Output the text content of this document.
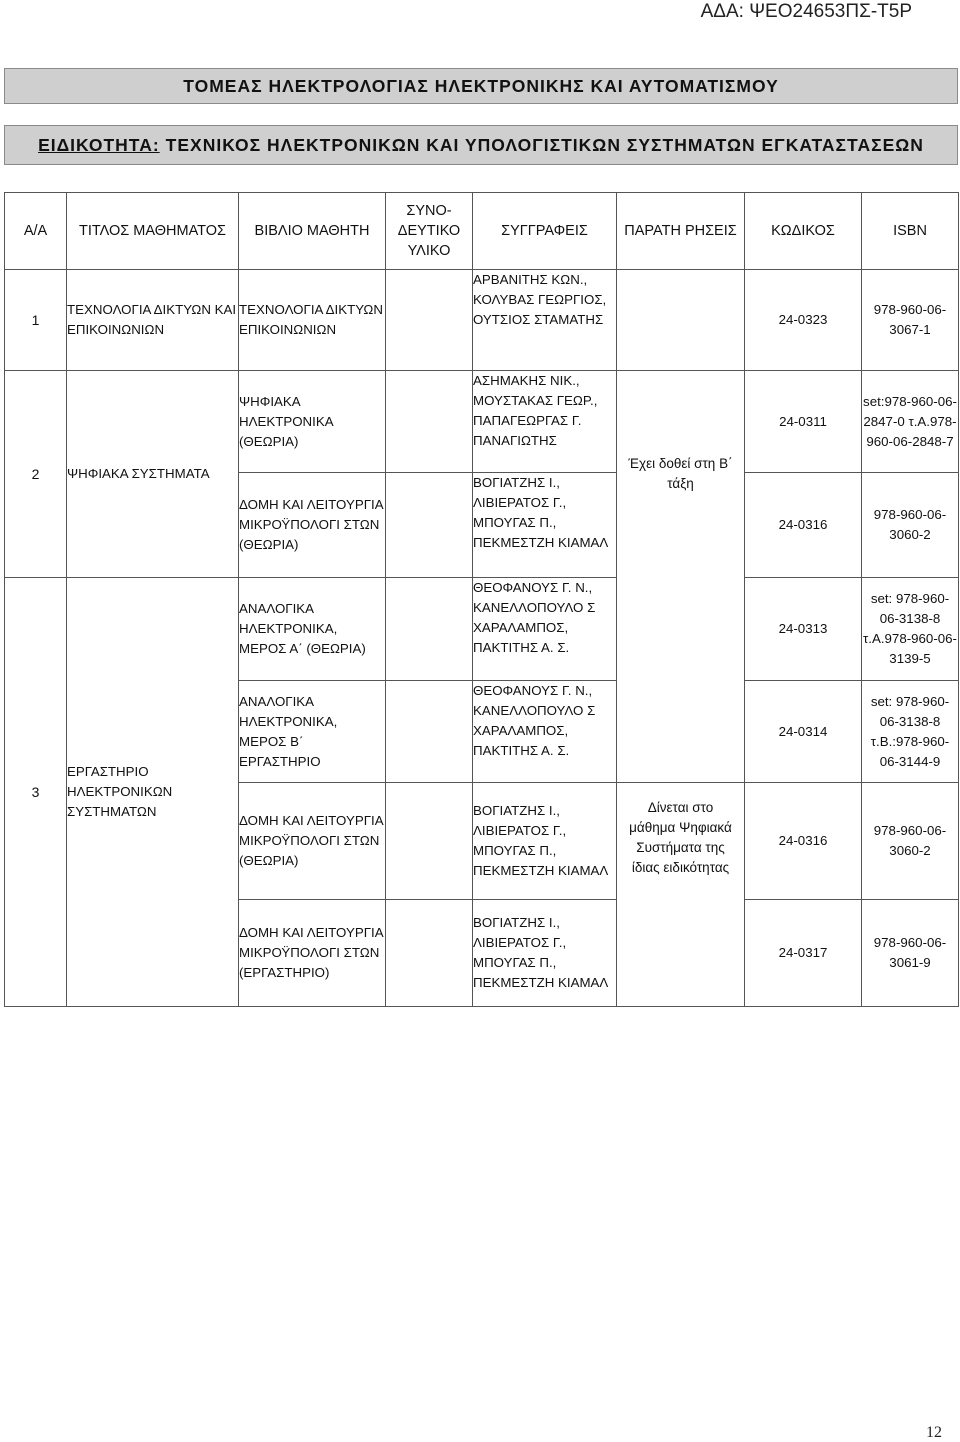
ΑΔΑ: ΨΕΟ24653ΠΣ-Τ5Ρ
ΤΟΜΕΑΣ ΗΛΕΚΤΡΟΛΟΓΙΑΣ ΗΛΕΚΤΡΟΝΙΚΗΣ ΚΑΙ ΑΥΤΟΜΑΤΙΣΜΟΥ
ΕΙΔΙΚΟΤΗΤΑ: ΤΕΧΝΙΚΟΣ ΗΛΕΚΤΡΟΝΙΚΩΝ ΚΑΙ ΥΠΟΛΟΓΙΣΤΙΚΩΝ ΣΥΣΤΗΜΑΤΩΝ ΕΓΚΑΤΑΣΤΑΣΕΩΝ
Α/Α	ΤΙΤΛΟΣ ΜΑΘΗΜΑΤΟΣ	ΒΙΒΛΙΟ ΜΑΘΗΤΗ	ΣΥΝΟ-ΔΕΥΤΙΚΟ ΥΛΙΚΟ	ΣΥΓΓΡΑΦΕΙΣ	ΠΑΡΑΤΗ ΡΗΣΕΙΣ	ΚΩΔΙΚΟΣ	ISBN
1	ΤΕΧΝΟΛΟΓΙΑ ΔΙΚΤΥΩΝ ΚΑΙ ΕΠΙΚΟΙΝΩΝΙΩΝ	ΤΕΧΝΟΛΟΓΙΑ ΔΙΚΤΥΩΝ ΕΠΙΚΟΙΝΩΝΙΩΝ		ΑΡΒΑΝΙΤΗΣ ΚΩΝ., ΚΟΛΥΒΑΣ ΓΕΩΡΓΙΟΣ, ΟΥΤΣΙΟΣ ΣΤΑΜΑΤΗΣ		24-0323	978-960-06-3067-1
2	ΨΗΦΙΑΚΑ ΣΥΣΤΗΜΑΤΑ	ΨΗΦΙΑΚΑ ΗΛΕΚΤΡΟΝΙΚΑ (ΘΕΩΡΙΑ)		ΑΣΗΜΑΚΗΣ ΝΙΚ., ΜΟΥΣΤΑΚΑΣ ΓΕΩΡ., ΠΑΠΑΓΕΩΡΓΑΣ Γ. ΠΑΝΑΓΙΩΤΗΣ	Έχει δοθεί στη Β΄ τάξη	24-0311	set:978-960-06-2847-0 τ.Α.978-960-06-2848-7
		ΔΟΜΗ ΚΑΙ ΛΕΙΤΟΥΡΓΙΑ ΜΙΚΡΟΫΠΟΛΟΓΙ ΣΤΩΝ (ΘΕΩΡΙΑ)		ΒΟΓΙΑΤΖΗΣ Ι., ΛΙΒΙΕΡΑΤΟΣ Γ., ΜΠΟΥΓΑΣ Π., ΠΕΚΜΕΣΤΖΗ ΚΙΑΜΑΛ		24-0316	978-960-06-3060-2
3	ΕΡΓΑΣΤΗΡΙΟ ΗΛΕΚΤΡΟΝΙΚΩΝ ΣΥΣΤΗΜΑΤΩΝ	ΑΝΑΛΟΓΙΚΑ ΗΛΕΚΤΡΟΝΙΚΑ, ΜΕΡΟΣ Α΄ (ΘΕΩΡΙΑ)		ΘΕΟΦΑΝΟΥΣ Γ. Ν., ΚΑΝΕΛΛΟΠΟΥΛΟ Σ ΧΑΡΑΛΑΜΠΟΣ, ΠΑΚΤΙΤΗΣ Α. Σ.		24-0313	set: 978-960-06-3138-8 τ.Α.978-960-06-3139-5
		ΑΝΑΛΟΓΙΚΑ ΗΛΕΚΤΡΟΝΙΚΑ, ΜΕΡΟΣ Β΄ ΕΡΓΑΣΤΗΡΙΟ		ΘΕΟΦΑΝΟΥΣ Γ. Ν., ΚΑΝΕΛΛΟΠΟΥΛΟ Σ ΧΑΡΑΛΑΜΠΟΣ, ΠΑΚΤΙΤΗΣ Α. Σ.		24-0314	set: 978-960-06-3138-8 τ.Β.:978-960-06-3144-9
		ΔΟΜΗ ΚΑΙ ΛΕΙΤΟΥΡΓΙΑ ΜΙΚΡΟΫΠΟΛΟΓΙ ΣΤΩΝ (ΘΕΩΡΙΑ)		ΒΟΓΙΑΤΖΗΣ Ι., ΛΙΒΙΕΡΑΤΟΣ Γ., ΜΠΟΥΓΑΣ Π., ΠΕΚΜΕΣΤΖΗ ΚΙΑΜΑΛ	Δίνεται στο μάθημα Ψηφιακά Συστήματα της ίδιας ειδικότητας	24-0316	978-960-06-3060-2
		ΔΟΜΗ ΚΑΙ ΛΕΙΤΟΥΡΓΙΑ ΜΙΚΡΟΫΠΟΛΟΓΙ ΣΤΩΝ (ΕΡΓΑΣΤΗΡΙΟ)		ΒΟΓΙΑΤΖΗΣ Ι., ΛΙΒΙΕΡΑΤΟΣ Γ., ΜΠΟΥΓΑΣ Π., ΠΕΚΜΕΣΤΖΗ ΚΙΑΜΑΛ		24-0317	978-960-06-3061-9
12
